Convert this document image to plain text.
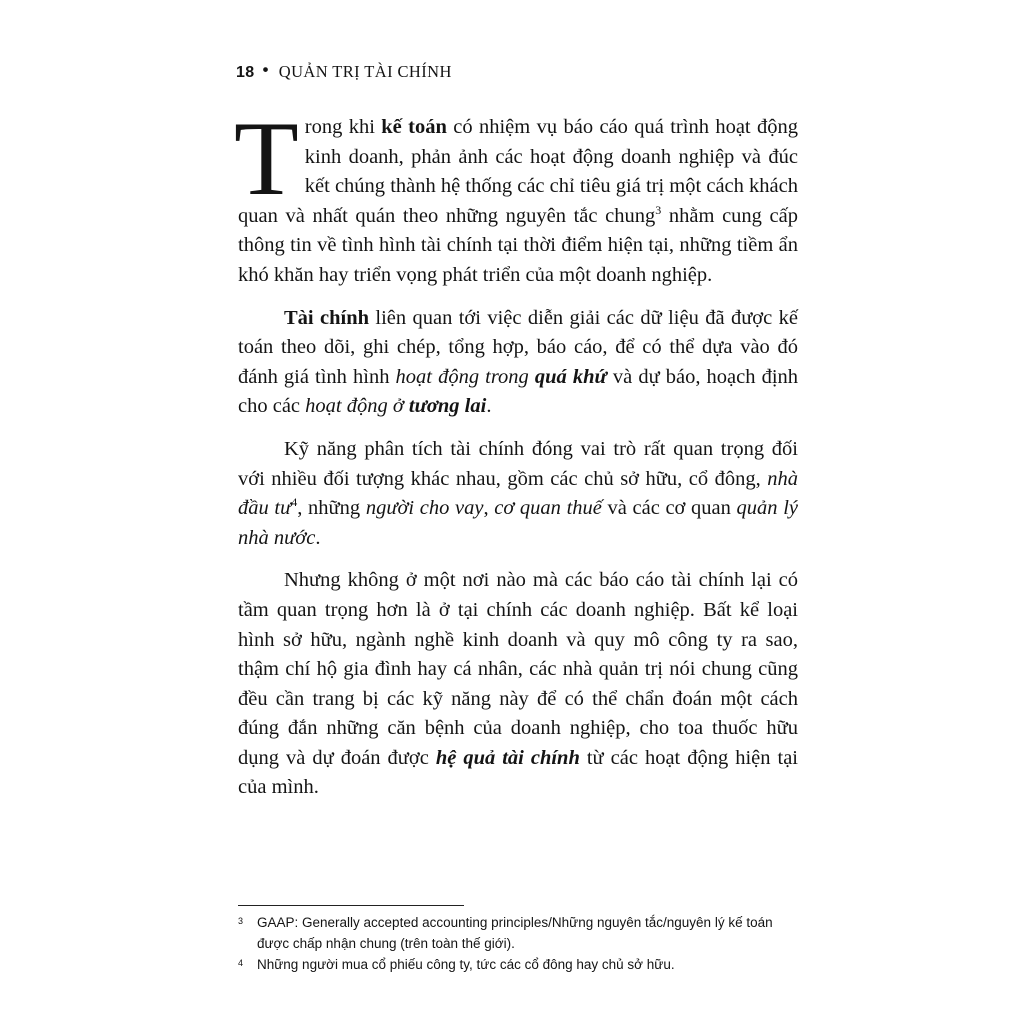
18 • QUẢN TRỊ TÀI CHÍNH

Trong khi kế toán có nhiệm vụ báo cáo quá trình hoạt động kinh doanh, phản ảnh các hoạt động doanh nghiệp và đúc kết chúng thành hệ thống các chỉ tiêu giá trị một cách khách quan và nhất quán theo những nguyên tắc chung$^3$ nhằm cung cấp thông tin về tình hình tài chính tại thời điểm hiện tại, những tiềm ẩn khó khăn hay triển vọng phát triển của một doanh nghiệp.

Tài chính liên quan tới việc diễn giải các dữ liệu đã được kế toán theo dõi, ghi chép, tổng hợp, báo cáo, để có thể dựa vào đó đánh giá tình hình hoạt động trong quá khứ và dự báo, hoạch định cho các hoạt động ở tương lai.

Kỹ năng phân tích tài chính đóng vai trò rất quan trọng đối với nhiều đối tượng khác nhau, gồm các chủ sở hữu, cổ đông, nhà đầu $tư^4$, những người cho vay, cơ quan thuế và các cơ quan quản lý nhà nước.

Nhưng không ở một nơi nào mà các báo cáo tài chính lại có tầm quan trọng hơn là ở tại chính các doanh nghiệp. Bất kể loại hình sở hữu, ngành nghề kinh doanh và quy mô công ty ra sao, thậm chí hộ gia đình hay cá nhân, các nhà quản trị nói chung cũng đều cần trang bị các kỹ năng này để có thể chẩn đoán một cách đúng đắn những căn bệnh của doanh nghiệp, cho toa thuốc hữu dụng và dự đoán được hệ quả tài chính từ các hoạt động hiện tại của mình.

3 GAAP: Generally accepted accounting principles/Những nguyên tắc/nguyên lý kế toán được chấp nhận chung (trên toàn thế giới).
4 Những người mua cổ phiếu công ty, tức các cổ đông hay chủ sở hữu.
